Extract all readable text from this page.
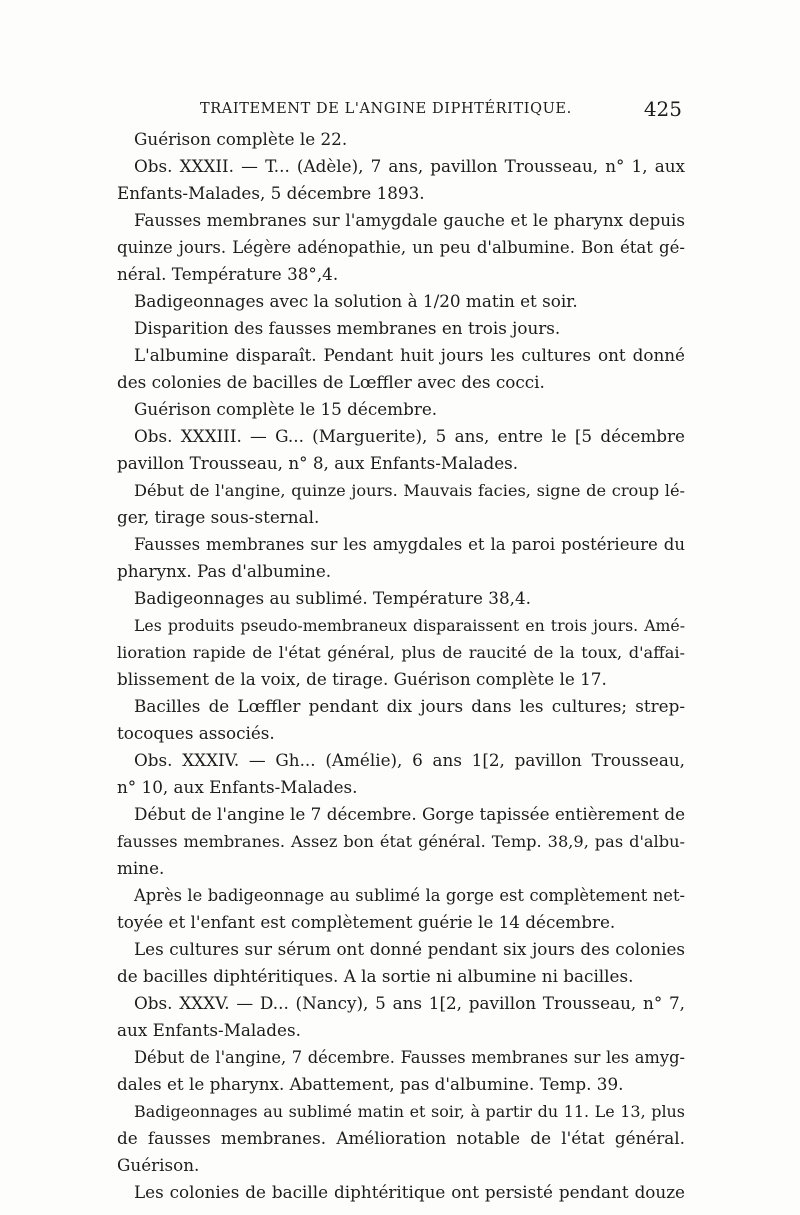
TRAITEMENT DE L'ANGINE DIPHTÉRITIQUE.	425
Guérison complète le 22.
Obs. XXXII. — T... (Adèle), 7 ans, pavillon Trousseau, n° 1, aux
Enfants-Malades, 5 décembre 1893.
Fausses membranes sur l'amygdale gauche et le pharynx depuis
quinze jours. Légère adénopathie, un peu d'albumine. Bon état gé-
néral. Température 38°,4.
Badigeonnages avec la solution à 1/20 matin et soir.
Disparition des fausses membranes en trois jours.
L'albumine disparaît. Pendant huit jours les cultures ont donné
des colonies de bacilles de Lœffler avec des cocci.
Guérison complète le 15 décembre.
Obs. XXXIII. — G... (Marguerite), 5 ans, entre le [5 décembre
pavillon Trousseau, n° 8, aux Enfants-Malades.
Début de l'angine, quinze jours. Mauvais facies, signe de croup lé-
ger, tirage sous-sternal.
Fausses membranes sur les amygdales et la paroi postérieure du
pharynx. Pas d'albumine.
Badigeonnages au sublimé. Température 38,4.
Les produits pseudo-membraneux disparaissent en trois jours. Amé-
lioration rapide de l'état général, plus de raucité de la toux, d'affai-
blissement de la voix, de tirage. Guérison complète le 17.
Bacilles de Lœffler pendant dix jours dans les cultures; strep-
tocoques associés.
Obs. XXXIV. — Gh... (Amélie), 6 ans 1[2, pavillon Trousseau,
n° 10, aux Enfants-Malades.
Début de l'angine le 7 décembre. Gorge tapissée entièrement de
fausses membranes. Assez bon état général. Temp. 38,9, pas d'albu-
mine.
Après le badigeonnage au sublimé la gorge est complètement net-
toyée et l'enfant est complètement guérie le 14 décembre.
Les cultures sur sérum ont donné pendant six jours des colonies
de bacilles diphtéritiques. A la sortie ni albumine ni bacilles.
Obs. XXXV. — D... (Nancy), 5 ans 1[2, pavillon Trousseau, n° 7,
aux Enfants-Malades.
Début de l'angine, 7 décembre. Fausses membranes sur les amyg-
dales et le pharynx. Abattement, pas d'albumine. Temp. 39.
Badigeonnages au sublimé matin et soir, à partir du 11. Le 13, plus
de fausses membranes. Amélioration notable de l'état général.
Guérison.
Les colonies de bacille diphtéritique ont persisté pendant douze
